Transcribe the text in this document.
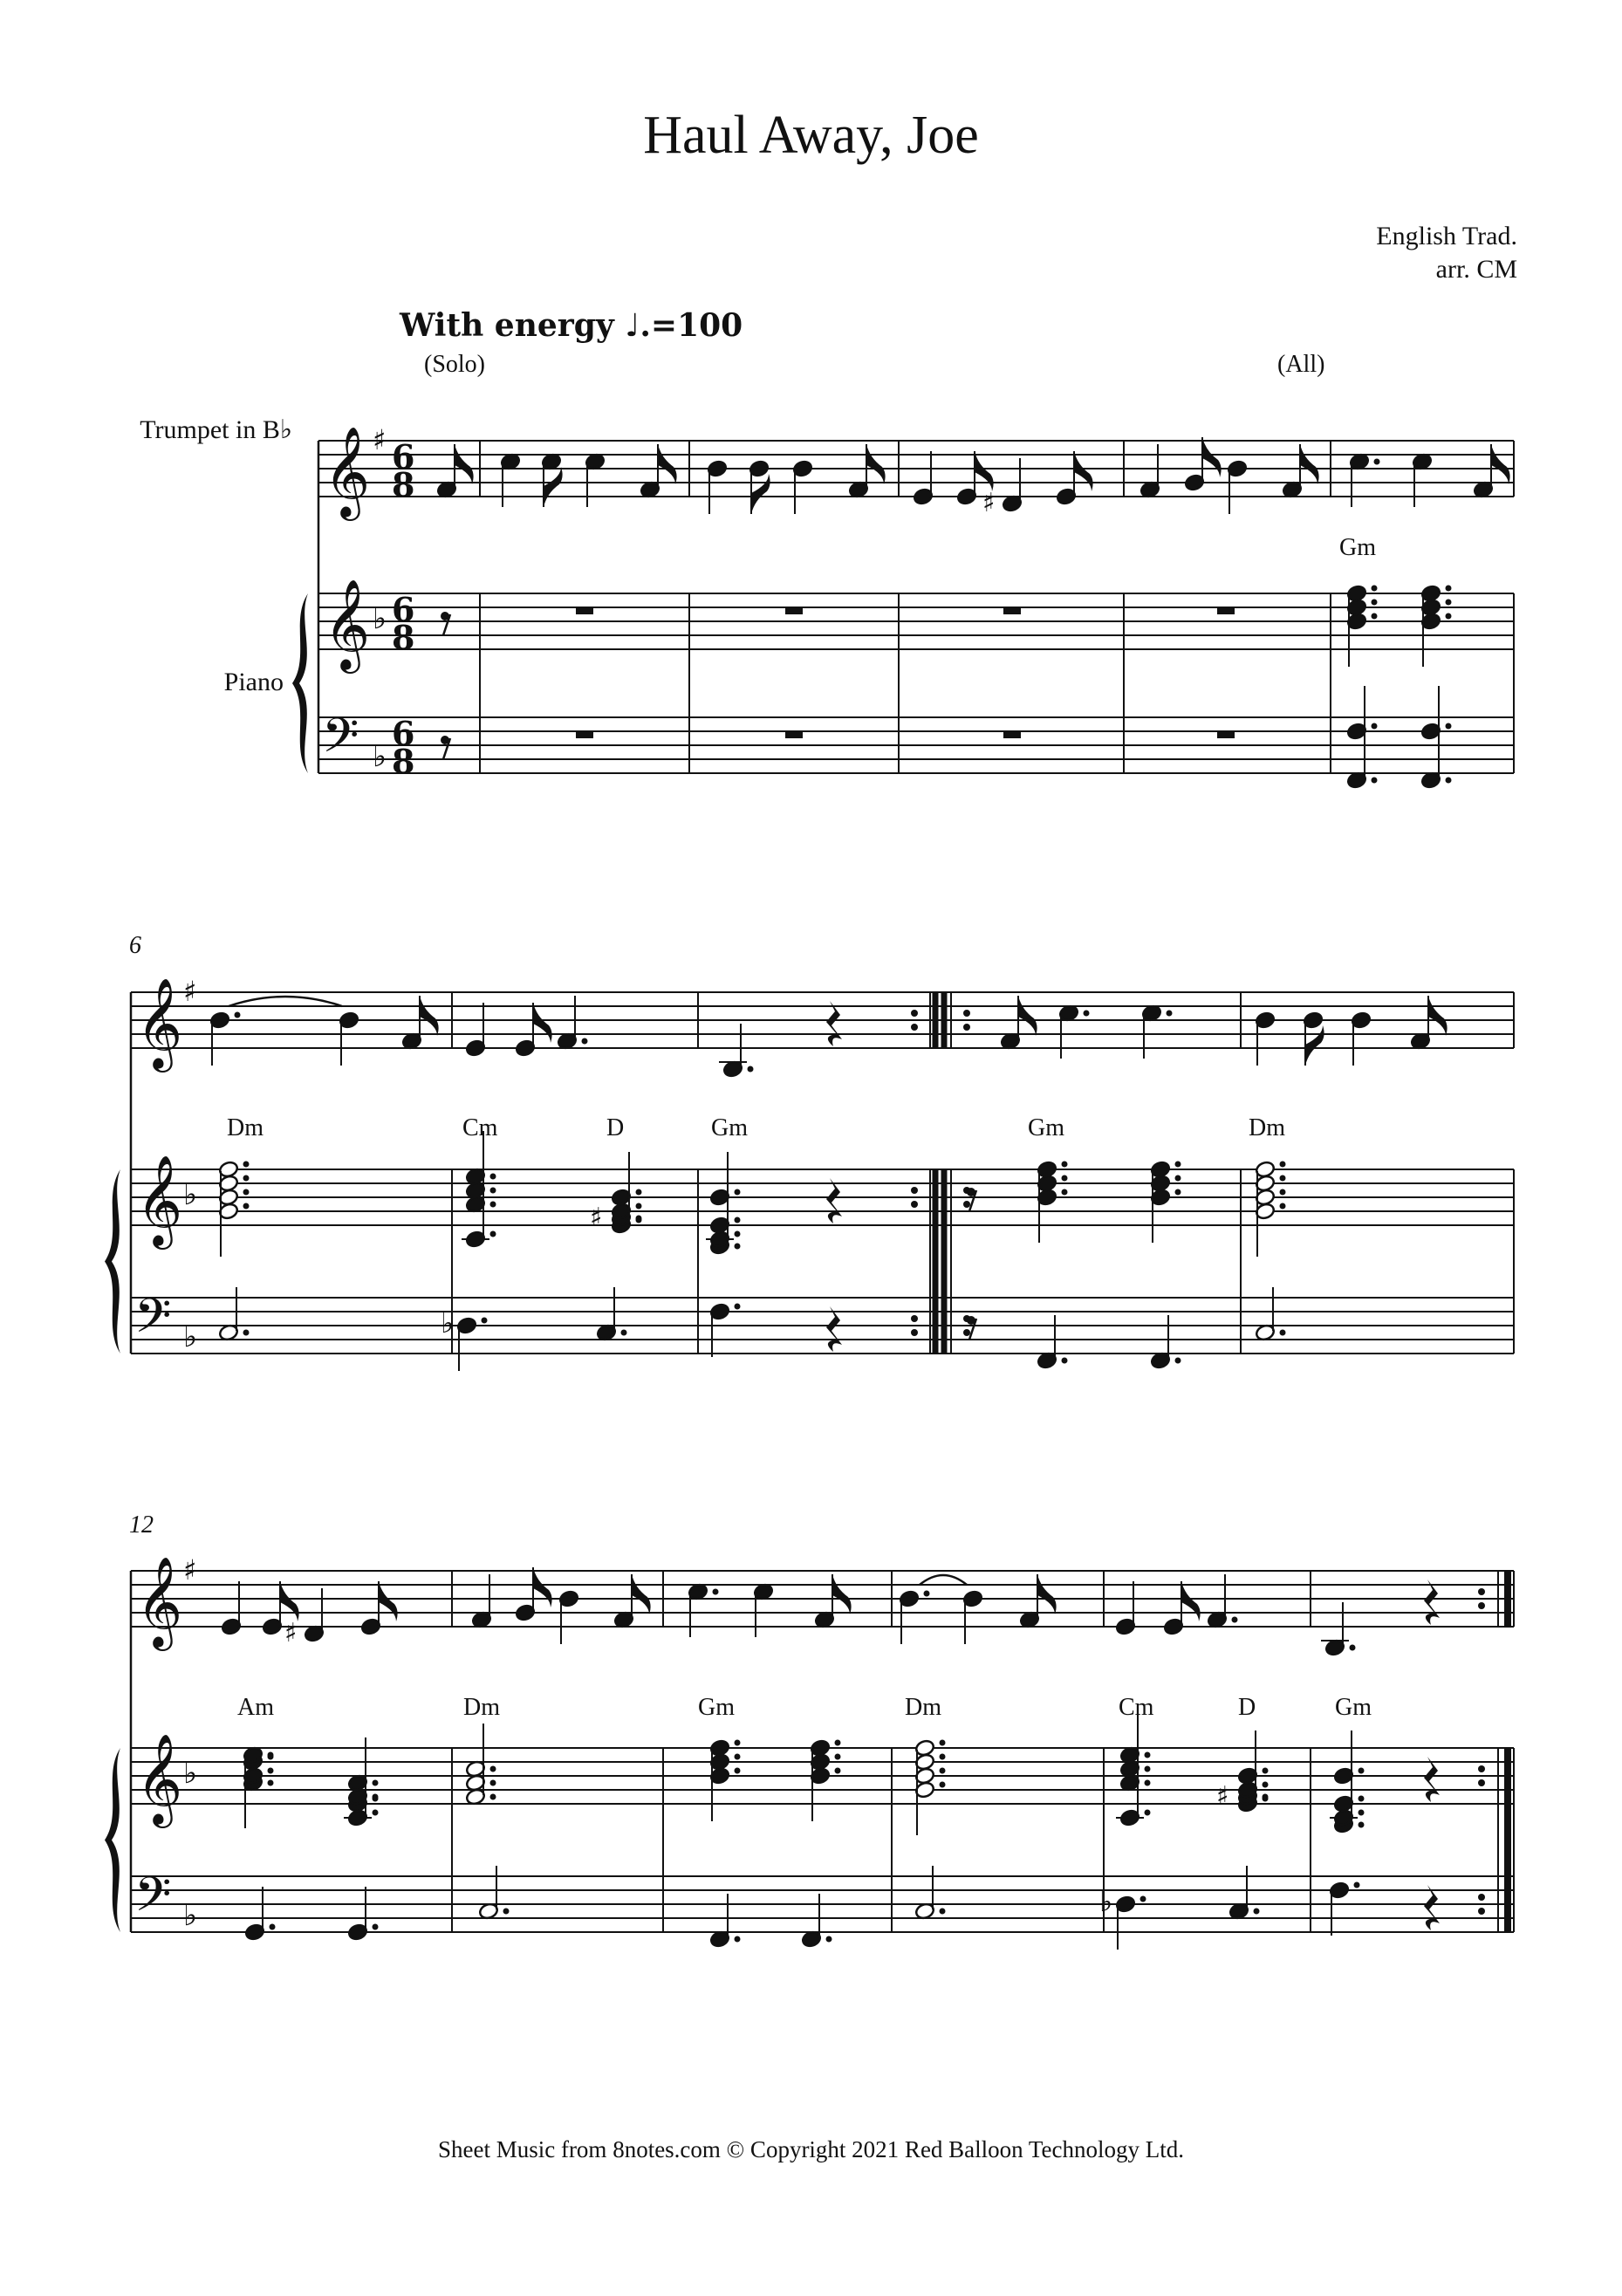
Haul Away, Joe
English Trad.
arr. CM
With energy ♩.=100
(Solo)	(All)
Trumpet in B♭
Piano
6
12
Gm
Dm	Cm	D	Gm	Gm	Dm
Am	Dm	Gm	Dm	Cm	D	Gm
Sheet Music from 8notes.com © Copyright 2021 Red Balloon Technology Ltd.
𝄞
𝄞
𝄢
♯
♭
♭
6
8
6
8
6
8
♯
𝄞
𝄞
𝄢
♯
♭
♭
♯
♭
𝄞
𝄞
𝄢
♯
♭
♭
♯
♯
♭
